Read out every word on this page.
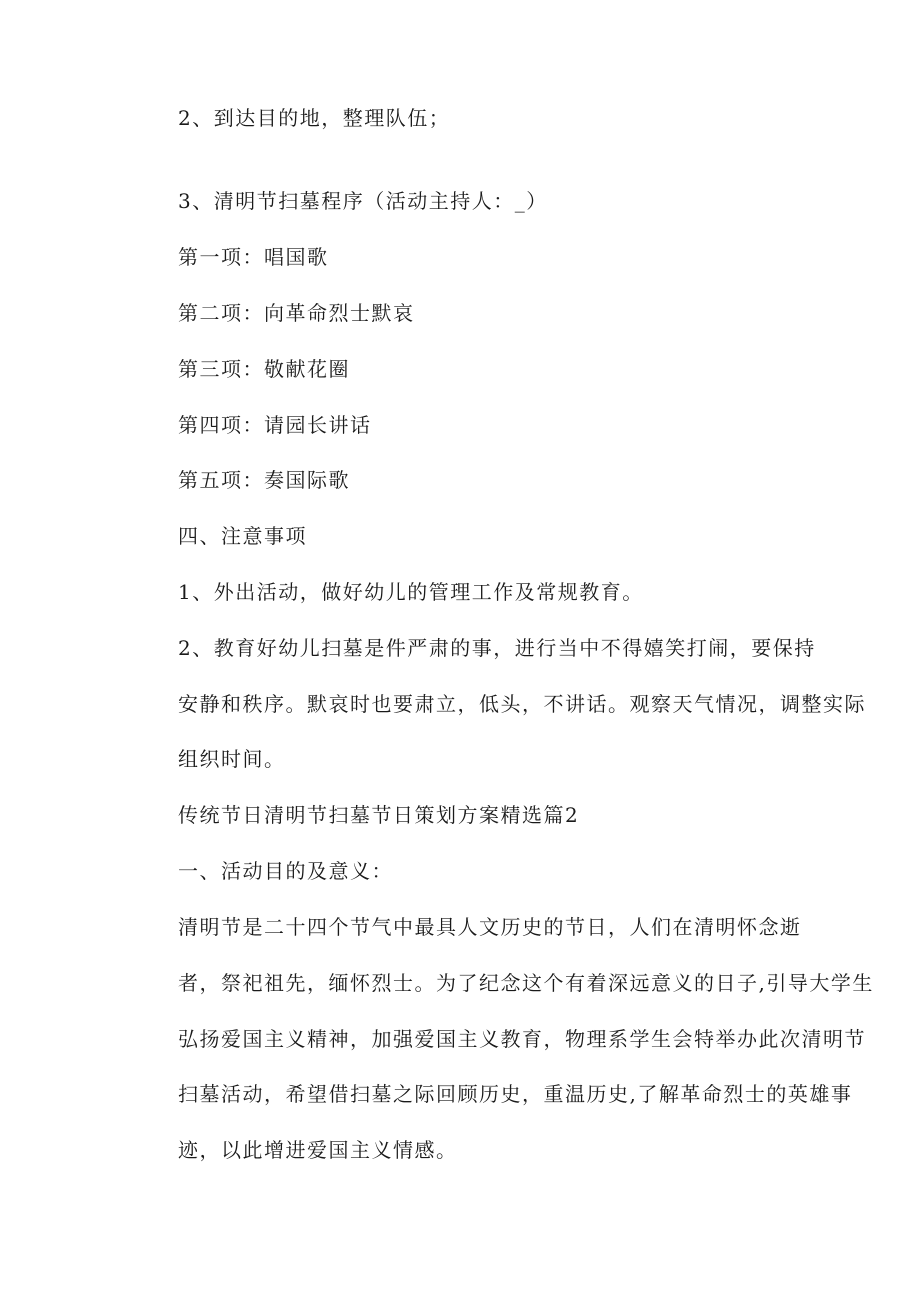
2、到达目的地，整理队伍；
3、清明节扫墓程序（活动主持人：_）
第一项：唱国歌
第二项：向革命烈士默哀
第三项：敬献花圈
第四项：请园长讲话
第五项：奏国际歌
四、注意事项
1、外出活动，做好幼儿的管理工作及常规教育。
2、教育好幼儿扫墓是件严肃的事，进行当中不得嬉笑打闹，要保持
安静和秩序。默哀时也要肃立，低头，不讲话。观察天气情况，调整实际
组织时间。
传统节日清明节扫墓节日策划方案精选篇2
一、活动目的及意义：
清明节是二十四个节气中最具人文历史的节日，人们在清明怀念逝
者，祭祀祖先，缅怀烈士。为了纪念这个有着深远意义的日子,引导大学生
弘扬爱国主义精神，加强爱国主义教育，物理系学生会特举办此次清明节
扫墓活动，希望借扫墓之际回顾历史，重温历史,了解革命烈士的英雄事
迹，以此增进爱国主义情感。
